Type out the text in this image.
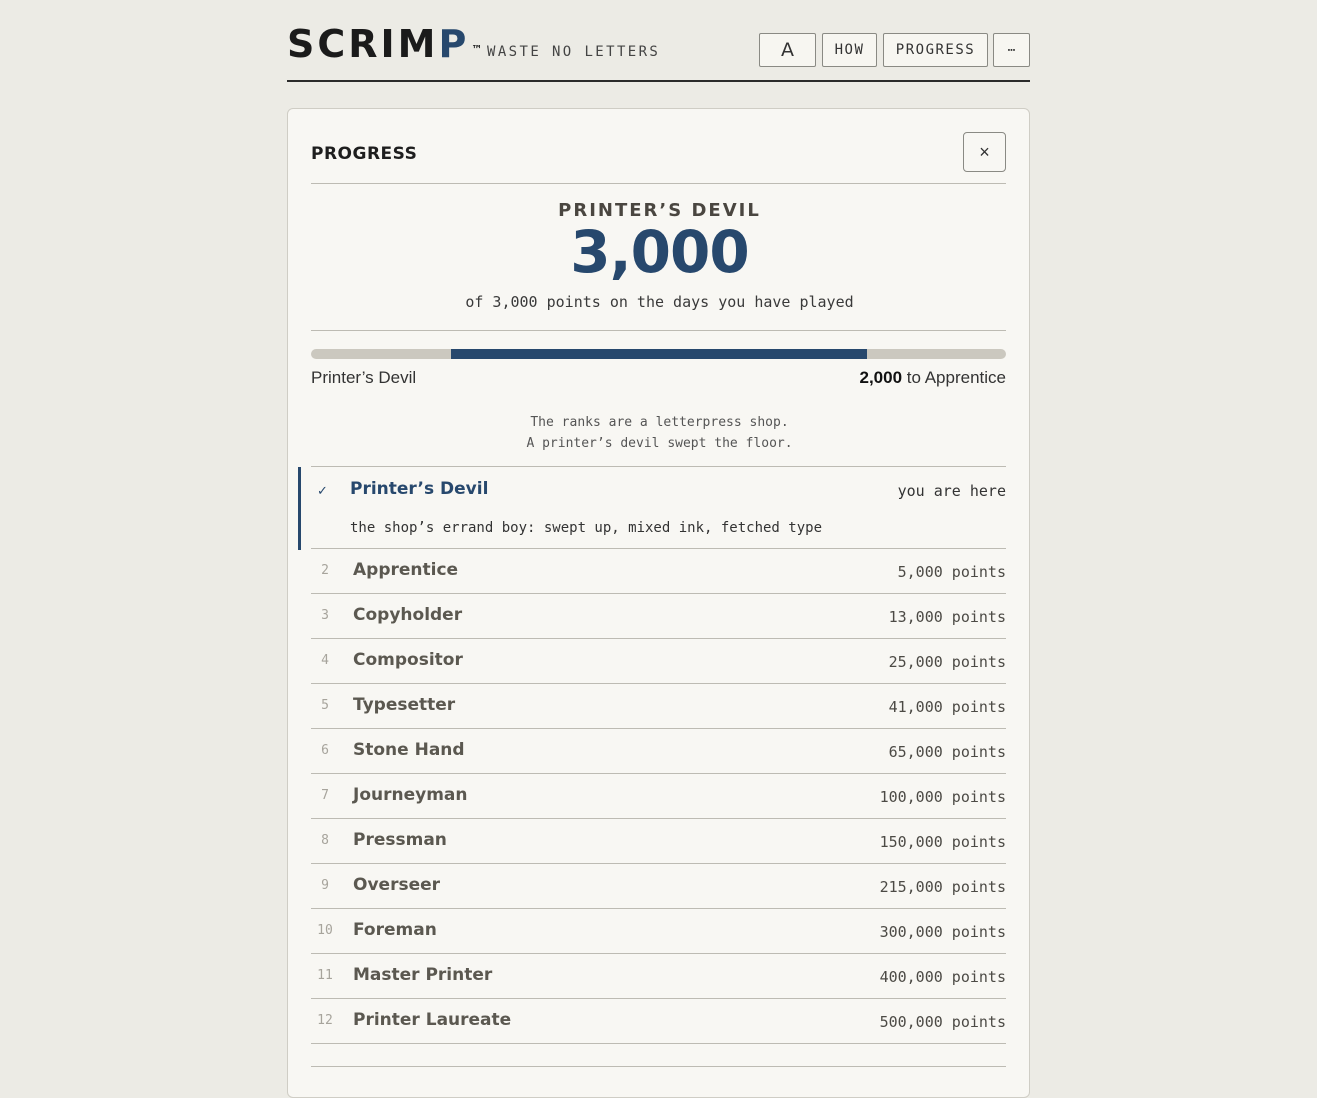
SCRIMP ™ WASTE NO LETTERS	A	HOW	PROGRESS	⋯
PROGRESS	×
PRINTER’S DEVIL
3,000
of 3,000 points on the days you have played
Printer’s Devil	2,000 to Apprentice
The ranks are a letterpress shop.
A printer’s devil swept the floor.
✓ Printer’s Devil	you are here
the shop’s errand boy: swept up, mixed ink, fetched type
2	Apprentice	5,000 points
3	Copyholder	13,000 points
4	Compositor	25,000 points
5	Typesetter	41,000 points
6	Stone Hand	65,000 points
7	Journeyman	100,000 points
8	Pressman	150,000 points
9	Overseer	215,000 points
10	Foreman	300,000 points
11	Master Printer	400,000 points
12	Printer Laureate	500,000 points
